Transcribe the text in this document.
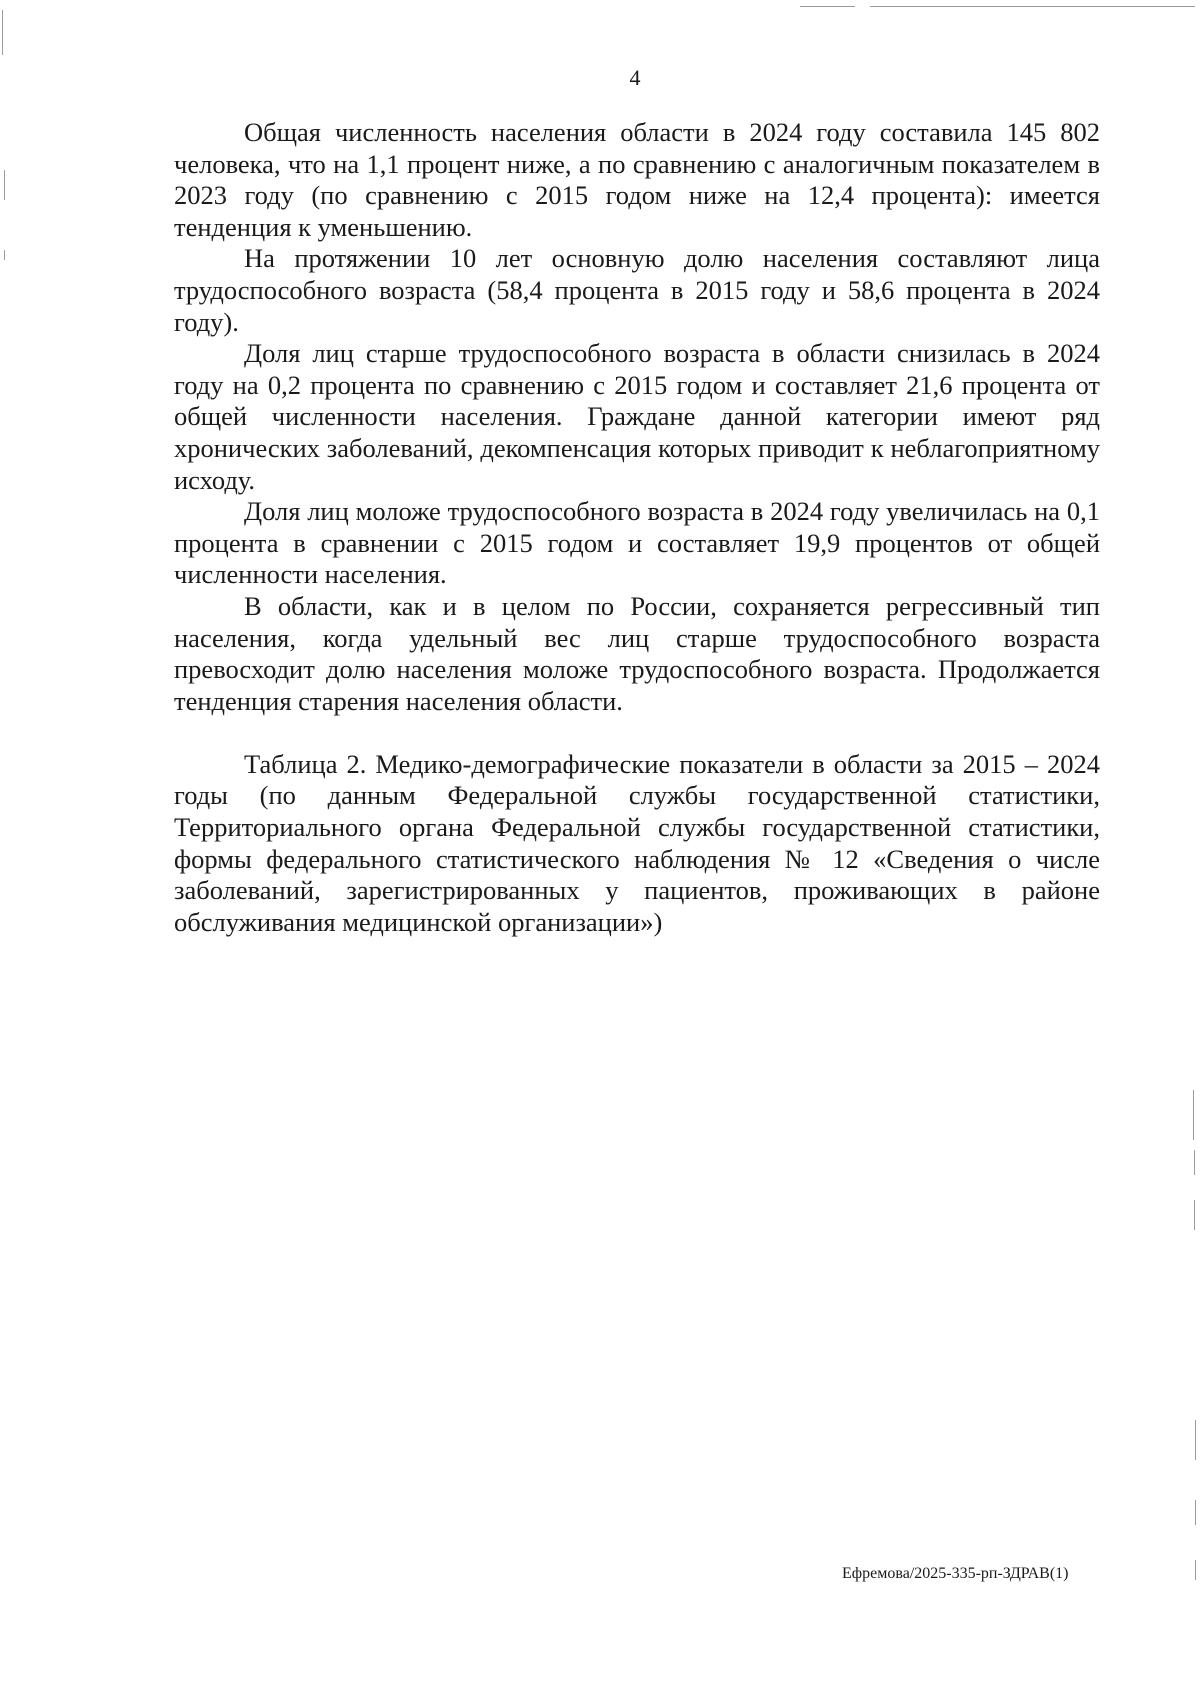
4

Общая численность населения области в 2024 году составила 145 802 человека, что на 1,1 процент ниже, а по сравнению с аналогичным показателем в 2023 году (по сравнению с 2015 годом ниже на 12,4 процента): имеется тенденция к уменьшению.

На протяжении 10 лет основную долю населения составляют лица трудоспособного возраста (58,4 процента в 2015 году и 58,6 процента в 2024 году).

Доля лиц старше трудоспособного возраста в области снизилась в 2024 году на 0,2 процента по сравнению с 2015 годом и составляет 21,6 процента от общей численности населения. Граждане данной категории имеют ряд хронических заболеваний, декомпенсация которых приводит к неблагоприятному исходу.

Доля лиц моложе трудоспособного возраста в 2024 году увеличилась на 0,1 процента в сравнении с 2015 годом и составляет 19,9 процентов от общей численности населения.

В области, как и в целом по России, сохраняется регрессивный тип населения, когда удельный вес лиц старше трудоспособного возраста превосходит долю населения моложе трудоспособного возраста. Продолжается тенденция старения населения области.

Таблица 2. Медико-демографические показатели в области за 2015 – 2024 годы (по данным Федеральной службы государственной статистики, Территориального органа Федеральной службы государственной статистики, формы федерального статистического наблюдения № 12 «Сведения о числе заболеваний, зарегистрированных у пациентов, проживающих в районе обслуживания медицинской организации»)

Ефремова/2025-335-рп-ЗДРАВ(1)
